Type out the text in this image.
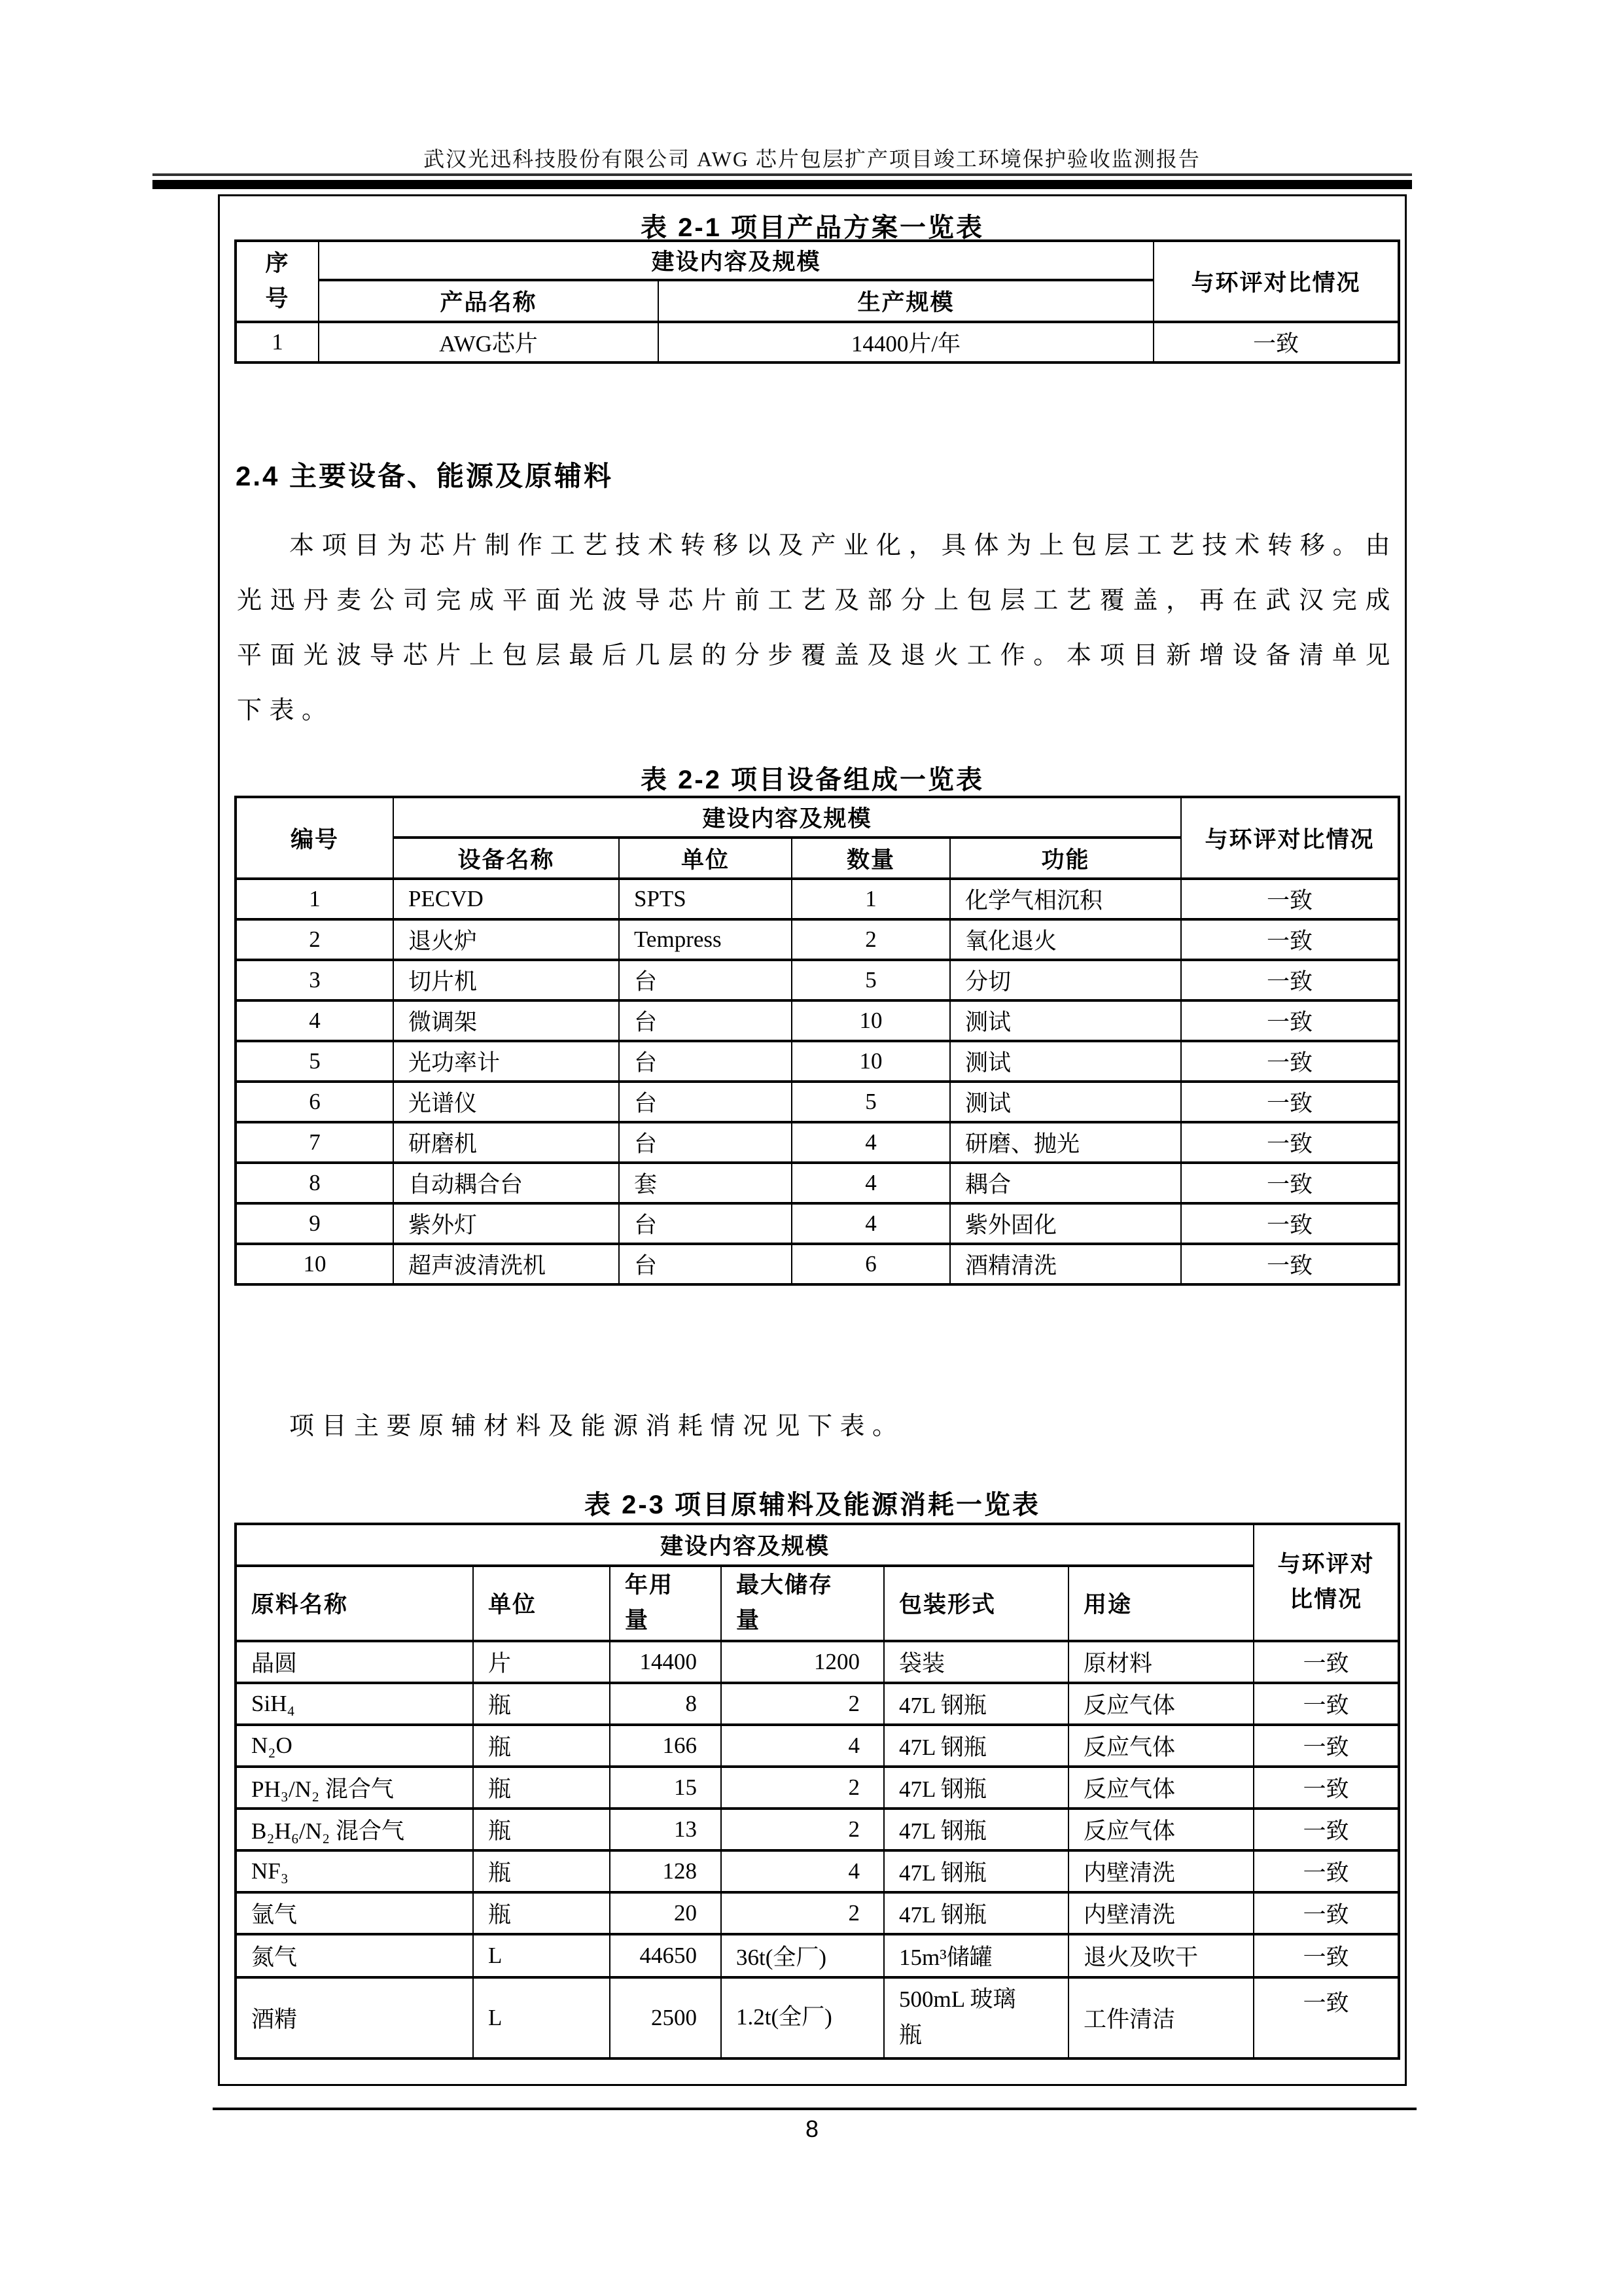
武汉光迅科技股份有限公司 AWG 芯片包层扩产项目竣工环境保护验收监测报告
表 2-1 项目产品方案一览表
序号	建设内容及规模		与环评对比情况
	产品名称	生产规模	
1	AWG芯片	14400片/年	一致
2.4 主要设备、能源及原辅料
本项目为芯片制作工艺技术转移以及产业化，具体为上包层工艺技术转移。由光迅丹麦公司完成平面光波导芯片前工艺及部分上包层工艺覆盖，再在武汉完成平面光波导芯片上包层最后几层的分步覆盖及退火工作。本项目新增设备清单见下表。
表 2-2 项目设备组成一览表
编号	建设内容及规模				与环评对比情况
	设备名称	单位	数量	功能	
1	PECVD	SPTS	1	化学气相沉积	一致
2	退火炉	Tempress	2	氧化退火	一致
3	切片机	台	5	分切	一致
4	微调架	台	10	测试	一致
5	光功率计	台	10	测试	一致
6	光谱仪	台	5	测试	一致
7	研磨机	台	4	研磨、抛光	一致
8	自动耦合台	套	4	耦合	一致
9	紫外灯	台	4	紫外固化	一致
10	超声波清洗机	台	6	酒精清洗	一致
项目主要原辅材料及能源消耗情况见下表。
表 2-3 项目原辅料及能源消耗一览表
建设内容及规模						与环评对比情况
原料名称	单位	年用量	最大储存量	包装形式	用途	
晶圆	片	14400	1200	袋装	原材料	一致
SiH₄	瓶	8	2	47L 钢瓶	反应气体	一致
N₂O	瓶	166	4	47L 钢瓶	反应气体	一致
PH₃/N₂ 混合气	瓶	15	2	47L 钢瓶	反应气体	一致
B₂H₆/N₂ 混合气	瓶	13	2	47L 钢瓶	反应气体	一致
NF₃	瓶	128	4	47L 钢瓶	内壁清洗	一致
氩气	瓶	20	2	47L 钢瓶	内壁清洗	一致
氮气	L	44650	36t(全厂)	15m³储罐	退火及吹干	一致
酒精	L	2500	1.2t(全厂)	500mL 玻璃瓶	工件清洁	一致
8
